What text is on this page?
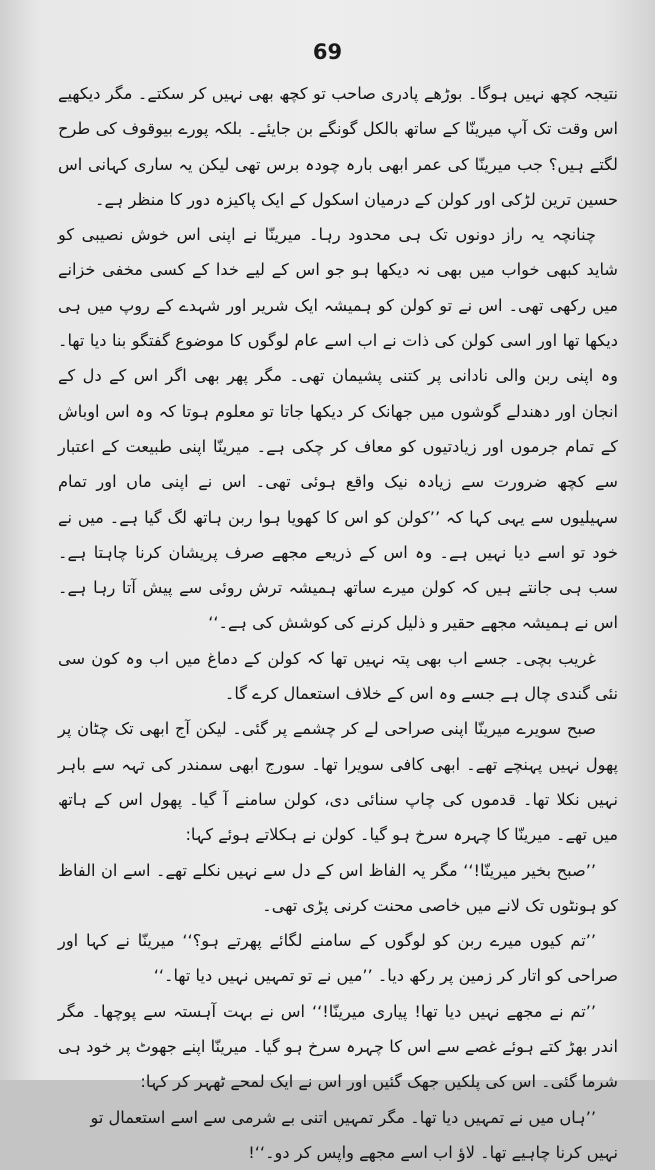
69

نتیجہ کچھ نہیں ہوگا۔ بوڑھے پادری صاحب تو کچھ بھی نہیں کر سکتے۔ مگر دیکھیے اس وقت تک آپ میرینّا کے ساتھ بالکل گونگے بن جایئے۔ بلکہ پورے بیوقوف کی طرح لگتے ہیں؟ جب میرینّا کی عمر ابھی بارہ چودہ برس تھی لیکن یہ ساری کہانی اس حسین ترین لڑکی اور کولن کے درمیان اسکول کے ایک پاکیزہ دور کا منظر ہے۔

چنانچہ یہ راز دونوں تک ہی محدود رہا۔ میرینّا نے اپنی اس خوش نصیبی کو شاید کبھی خواب میں بھی نہ دیکھا ہو جو اس کے لیے خدا کے کسی مخفی خزانے میں رکھی تھی۔ اس نے تو کولن کو ہمیشہ ایک شریر اور شہدے کے روپ میں ہی دیکھا تھا اور اسی کولن کی ذات نے اب اسے عام لوگوں کا موضوع گفتگو بنا دیا تھا۔ وہ اپنی ربن والی نادانی پر کتنی پشیمان تھی۔ مگر پھر بھی اگر اس کے دل کے انجان اور دھندلے گوشوں میں جھانک کر دیکھا جاتا تو معلوم ہوتا کہ وہ اس اوباش کے تمام جرموں اور زیادتیوں کو معاف کر چکی ہے۔ میرینّا اپنی طبیعت کے اعتبار سے کچھ ضرورت سے زیادہ نیک واقع ہوئی تھی۔ اس نے اپنی ماں اور تمام سہیلیوں سے یہی کہا کہ ’’کولن کو اس کا کھویا ہوا ربن ہاتھ لگ گیا ہے۔ میں نے خود تو اسے دیا نہیں ہے۔ وہ اس کے ذریعے مجھے صرف پریشان کرنا چاہتا ہے۔ سب ہی جانتے ہیں کہ کولن میرے ساتھ ہمیشہ ترش روئی سے پیش آتا رہا ہے۔ اس نے ہمیشہ مجھے حقیر و ذلیل کرنے کی کوشش کی ہے۔‘‘

غریب بچی۔ جسے اب بھی پتہ نہیں تھا کہ کولن کے دماغ میں اب وہ کون سی نئی گندی چال ہے جسے وہ اس کے خلاف استعمال کرے گا۔

صبح سویرے میرینّا اپنی صراحی لے کر چشمے پر گئی۔ لیکن آج ابھی تک چٹان پر پھول نہیں پہنچے تھے۔ ابھی کافی سویرا تھا۔ سورج ابھی سمندر کی تہہ سے باہر نہیں نکلا تھا۔ قدموں کی چاپ سنائی دی، کولن سامنے آ گیا۔ پھول اس کے ہاتھ میں تھے۔ میرینّا کا چہرہ سرخ ہو گیا۔ کولن نے ہکلاتے ہوئے کہا:

’’صبح بخیر میرینّا!‘‘ مگر یہ الفاظ اس کے دل سے نہیں نکلے تھے۔ اسے ان الفاظ کو ہونٹوں تک لانے میں خاصی محنت کرنی پڑی تھی۔

’’تم کیوں میرے ربن کو لوگوں کے سامنے لگائے پھرتے ہو؟‘‘ میرینّا نے کہا اور صراحی کو اتار کر زمین پر رکھ دیا۔ ’’میں نے تو تمہیں نہیں دیا تھا۔‘‘

’’تم نے مجھے نہیں دیا تھا! پیاری میرینّا!‘‘ اس نے بہت آہستہ سے پوچھا۔ مگر اندر بھڑ کتے ہوئے غصے سے اس کا چہرہ سرخ ہو گیا۔ میرینّا اپنے جھوٹ پر خود ہی شرما گئی۔ اس کی پلکیں جھک گئیں اور اس نے ایک لمحے ٹھہر کر کہا:

’’ہاں میں نے تمہیں دیا تھا۔ مگر تمہیں اتنی بے شرمی سے اسے استعمال تو نہیں کرنا چاہیے تھا۔ لاؤ اب اسے مجھے واپس کر دو۔‘‘!
